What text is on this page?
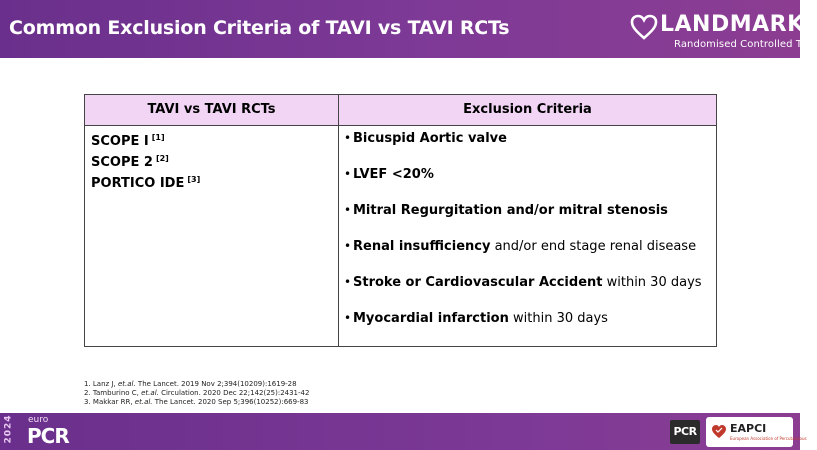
Common Exclusion Criteria of TAVI vs TAVI RCTs	LANDMARK
Randomised Controlled Trial
TAVI vs TAVI RCTs	Exclusion Criteria
SCOPE I [1]
SCOPE 2 [2]
PORTICO IDE [3]
• Bicuspid Aortic valve
• LVEF <20%
• Mitral Regurgitation and/or mitral stenosis
• Renal insufficiency and/or end stage renal disease
• Stroke or Cardiovascular Accident within 30 days
• Myocardial infarction within 30 days
1. Lanz J, et.al. The Lancet. 2019 Nov 2;394(10209):1619-28
2. Tamburino C, et.al. Circulation. 2020 Dec 22;142(25):2431-42
3. Makkar RR, et.al. The Lancet. 2020 Sep 5;396(10252):669-83
2024 euro
PCR	PCR	EAPCI
European Association of Percutaneous
